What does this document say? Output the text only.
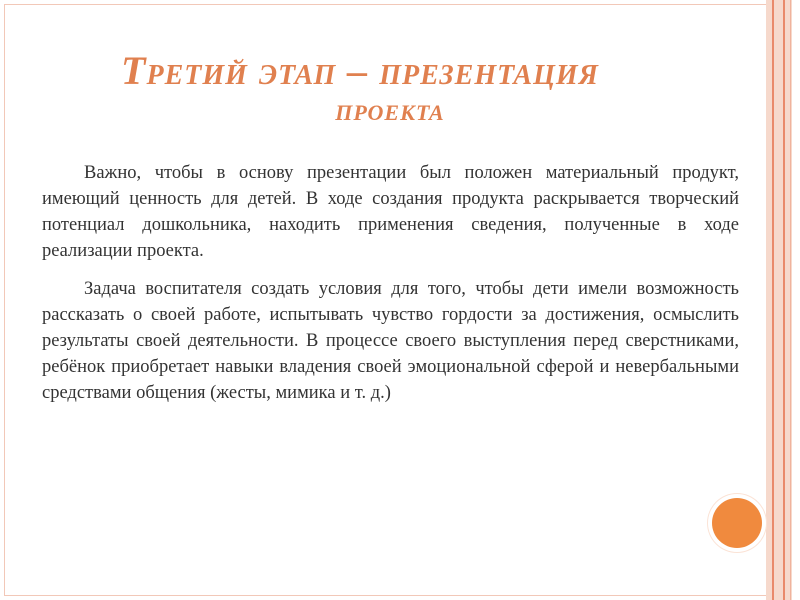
Третий этап – презентация
проекта

Важно, чтобы в основу презентации был положен материальный продукт, имеющий ценность для детей. В ходе создания продукта раскрывается творческий потенциал дошкольника, находить применения сведения, полученные в ходе реализации проекта.

Задача воспитателя создать условия для того, чтобы дети имели возможность рассказать о своей работе, испытывать чувство гордости за достижения, осмыслить результаты своей деятельности. В процессе своего выступления перед сверстниками, ребёнок приобретает навыки владения своей эмоциональной сферой и невербальными средствами общения (жесты, мимика и т. д.)
